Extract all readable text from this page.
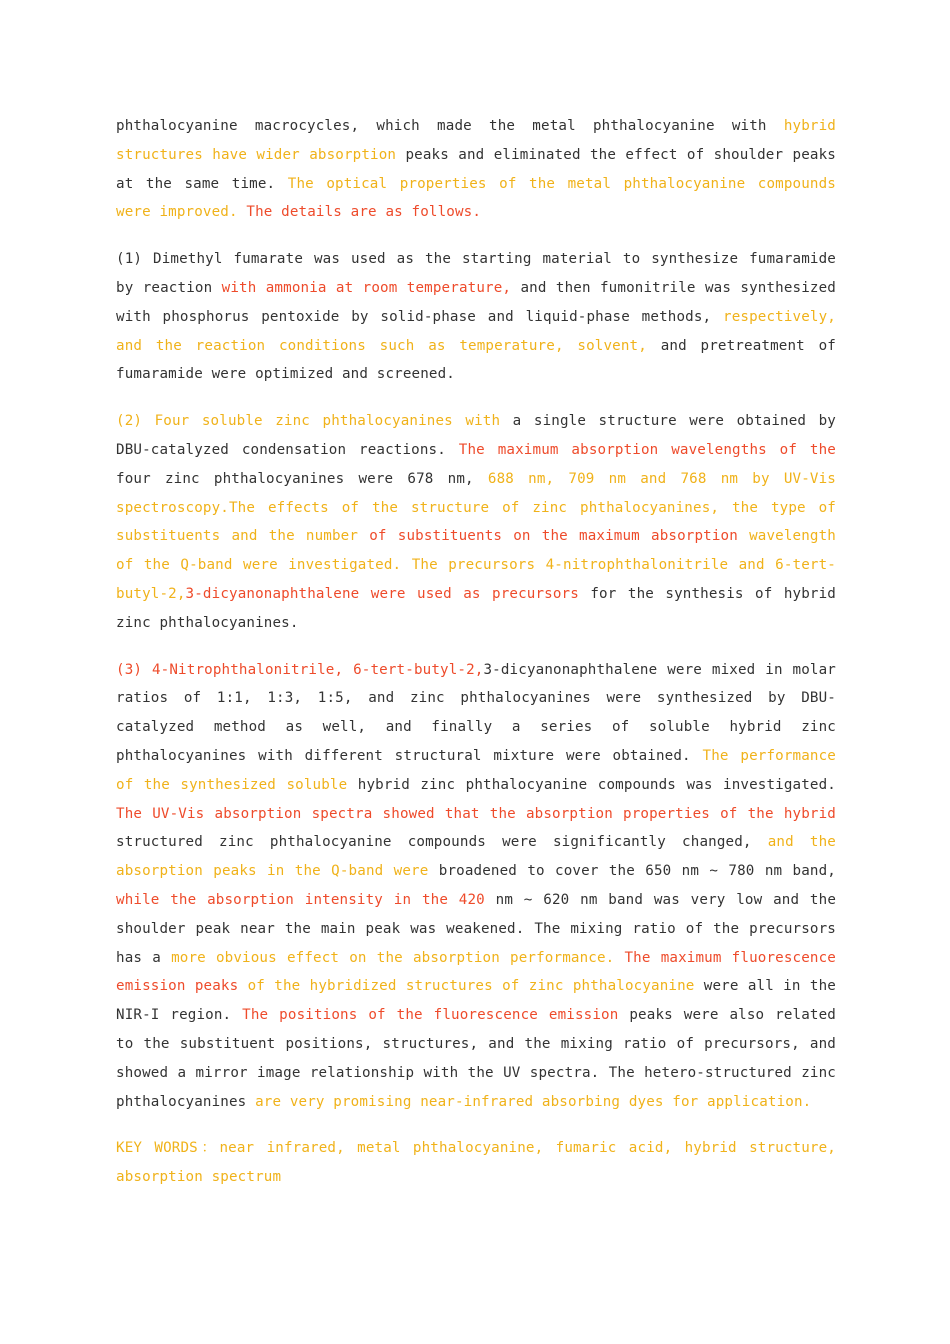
phthalocyanine macrocycles, which made the metal phthalocyanine with hybrid structures have wider absorption peaks and eliminated the effect of shoulder peaks at the same time. The optical properties of the metal phthalocyanine compounds were improved. The details are as follows.

(1) Dimethyl fumarate was used as the starting material to synthesize fumaramide by reaction with ammonia at room temperature, and then fumonitrile was synthesized with phosphorus pentoxide by solid-phase and liquid-phase methods, respectively, and the reaction conditions such as temperature, solvent, and pretreatment of fumaramide were optimized and screened.

(2) Four soluble zinc phthalocyanines with a single structure were obtained by DBU-catalyzed condensation reactions. The maximum absorption wavelengths of the four zinc phthalocyanines were 678 nm, 688 nm, 709 nm and 768 nm by UV-Vis spectroscopy.The effects of the structure of zinc phthalocyanines, the type of substituents and the number of substituents on the maximum absorption wavelength of the Q-band were investigated. The precursors 4-nitrophthalonitrile and 6-tert-butyl-2,3-dicyanonaphthalene were used as precursors for the synthesis of hybrid zinc phthalocyanines.

(3) 4-Nitrophthalonitrile, 6-tert-butyl-2,3-dicyanonaphthalene were mixed in molar ratios of 1:1, 1:3, 1:5, and zinc phthalocyanines were synthesized by DBU-catalyzed method as well, and finally a series of soluble hybrid zinc phthalocyanines with different structural mixture were obtained. The performance of the synthesized soluble hybrid zinc phthalocyanine compounds was investigated. The UV-Vis absorption spectra showed that the absorption properties of the hybrid structured zinc phthalocyanine compounds were significantly changed, and the absorption peaks in the Q-band were broadened to cover the 650 nm ~ 780 nm band, while the absorption intensity in the 420 nm ~ 620 nm band was very low and the shoulder peak near the main peak was weakened. The mixing ratio of the precursors has a more obvious effect on the absorption performance. The maximum fluorescence emission peaks of the hybridized structures of zinc phthalocyanine were all in the NIR-I region. The positions of the fluorescence emission peaks were also related to the substituent positions, structures, and the mixing ratio of precursors, and showed a mirror image relationship with the UV spectra. The hetero-structured zinc phthalocyanines are very promising near-infrared absorbing dyes for application.

KEY WORDS：near infrared, metal phthalocyanine, fumaric acid, hybrid structure, absorption spectrum
